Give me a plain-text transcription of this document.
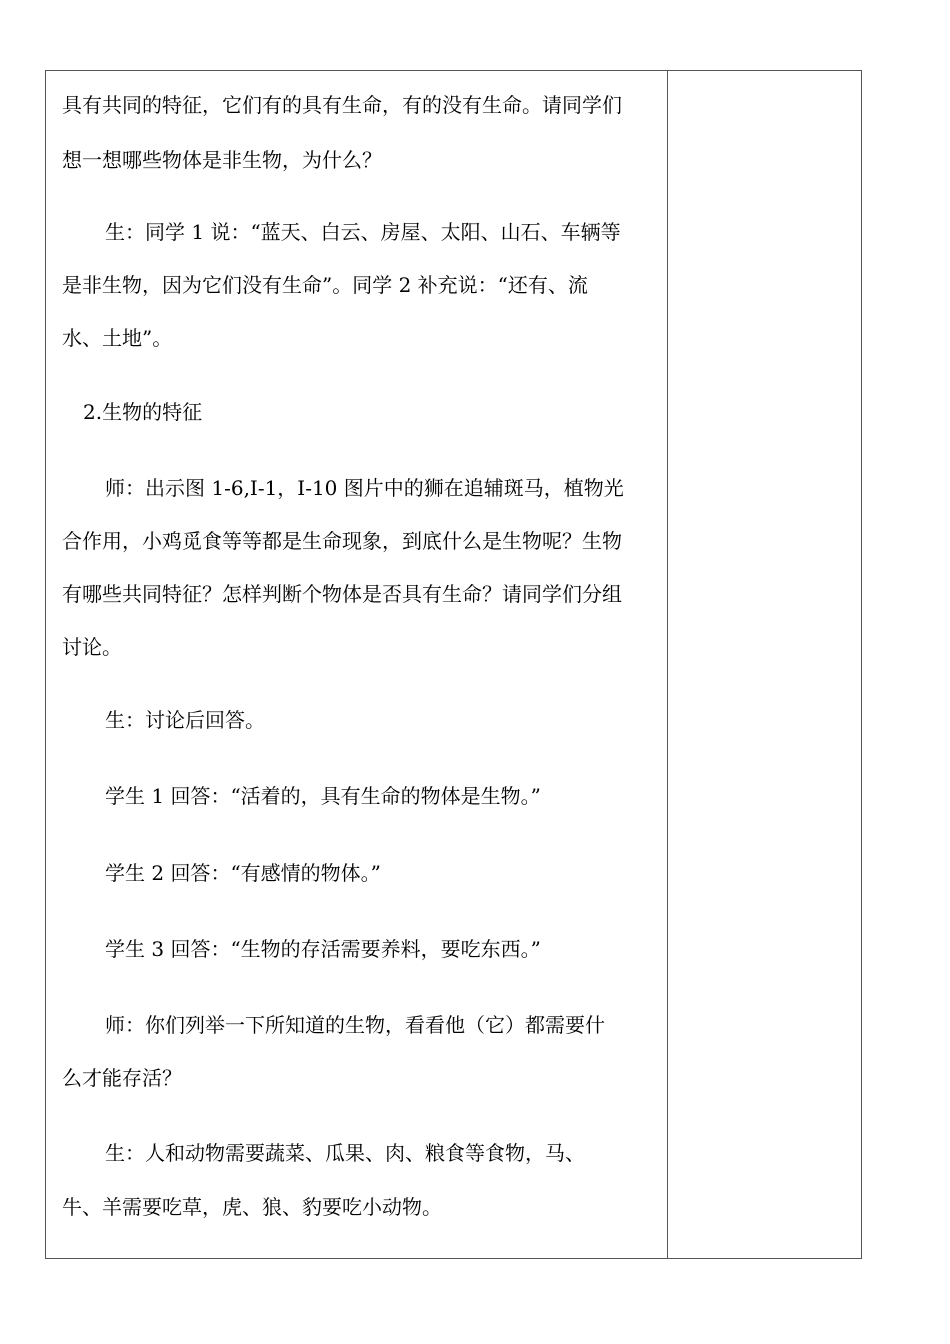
具有共同的特征，它们有的具有生命，有的没有生命。请同学们
想一想哪些物体是非生物，为什么？
生：同学 1 说：“蓝天、白云、房屋、太阳、山石、车辆等
是非生物，因为它们没有生命”。同学 2 补充说：“还有、流
水、土地”。
2.生物的特征
师：出示图 1-6,I-1，I-10 图片中的狮在追辅斑马，植物光
合作用，小鸡觅食等等都是生命现象，到底什么是生物呢？生物
有哪些共同特征？怎样判断个物体是否具有生命？请同学们分组
讨论。
生：讨论后回答。
学生 1 回答：“活着的，具有生命的物体是生物。”
学生 2 回答：“有感情的物体。”
学生 3 回答：“生物的存活需要养料，要吃东西。”
师：你们列举一下所知道的生物，看看他（它）都需要什
么才能存活？
生：人和动物需要蔬菜、瓜果、肉、粮食等食物，马、
牛、羊需要吃草，虎、狼、豹要吃小动物。
